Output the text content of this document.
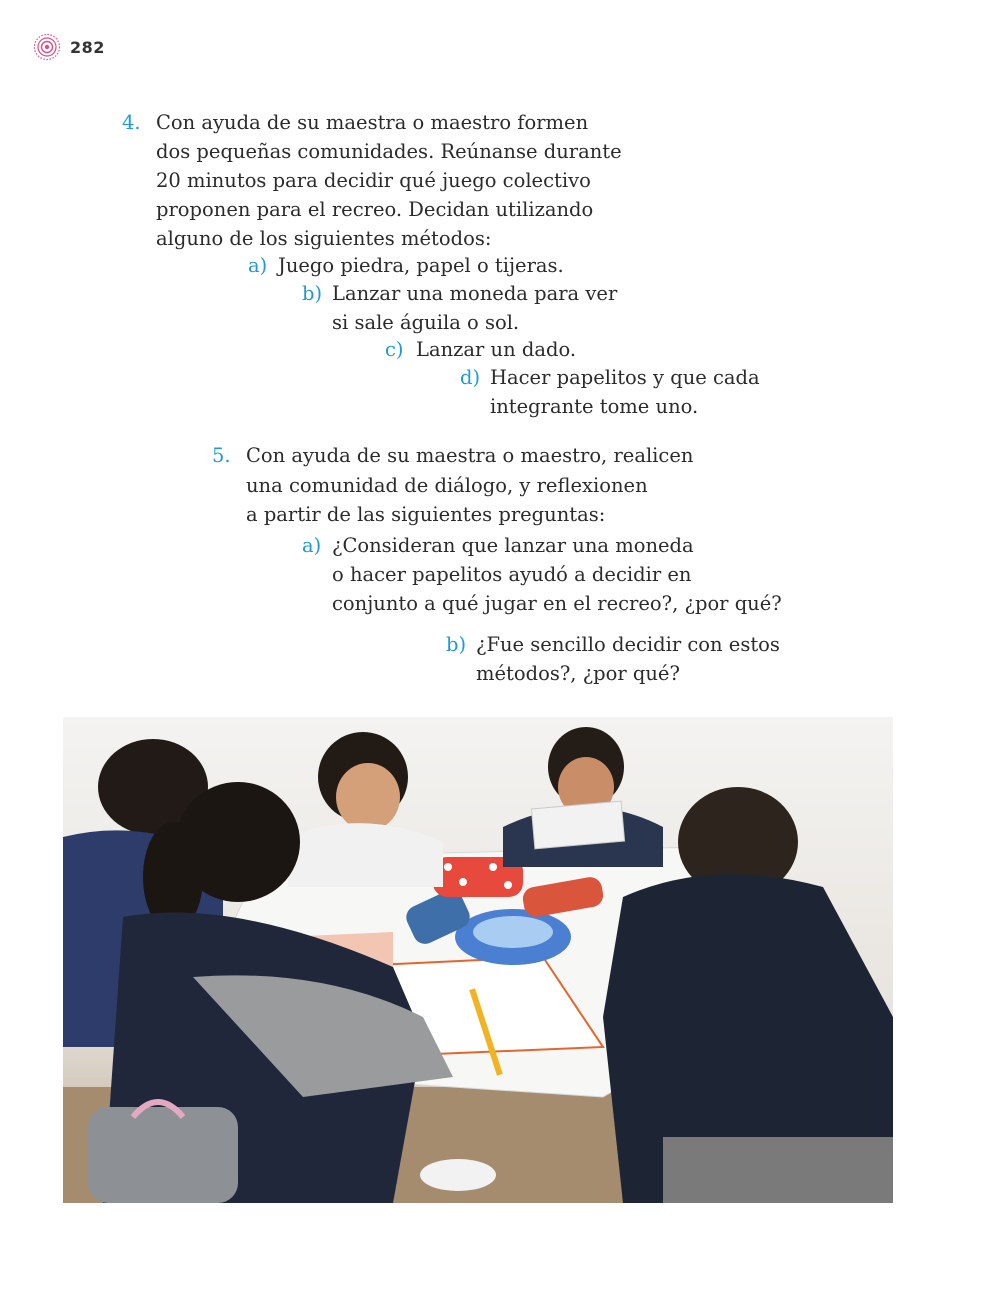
282
4. Con ayuda de su maestra o maestro formen
dos pequeñas comunidades. Reúnanse durante
20 minutos para decidir qué juego colectivo
proponen para el recreo. Decidan utilizando
alguno de los siguientes métodos:
a) Juego piedra, papel o tijeras.
b) Lanzar una moneda para ver
si sale águila o sol.
c) Lanzar un dado.
d) Hacer papelitos y que cada
integrante tome uno.
5. Con ayuda de su maestra o maestro, realicen
una comunidad de diálogo, y reflexionen
a partir de las siguientes preguntas:
a) ¿Consideran que lanzar una moneda
o hacer papelitos ayudó a decidir en
conjunto a qué jugar en el recreo?, ¿por qué?
b) ¿Fue sencillo decidir con estos
métodos?, ¿por qué?
